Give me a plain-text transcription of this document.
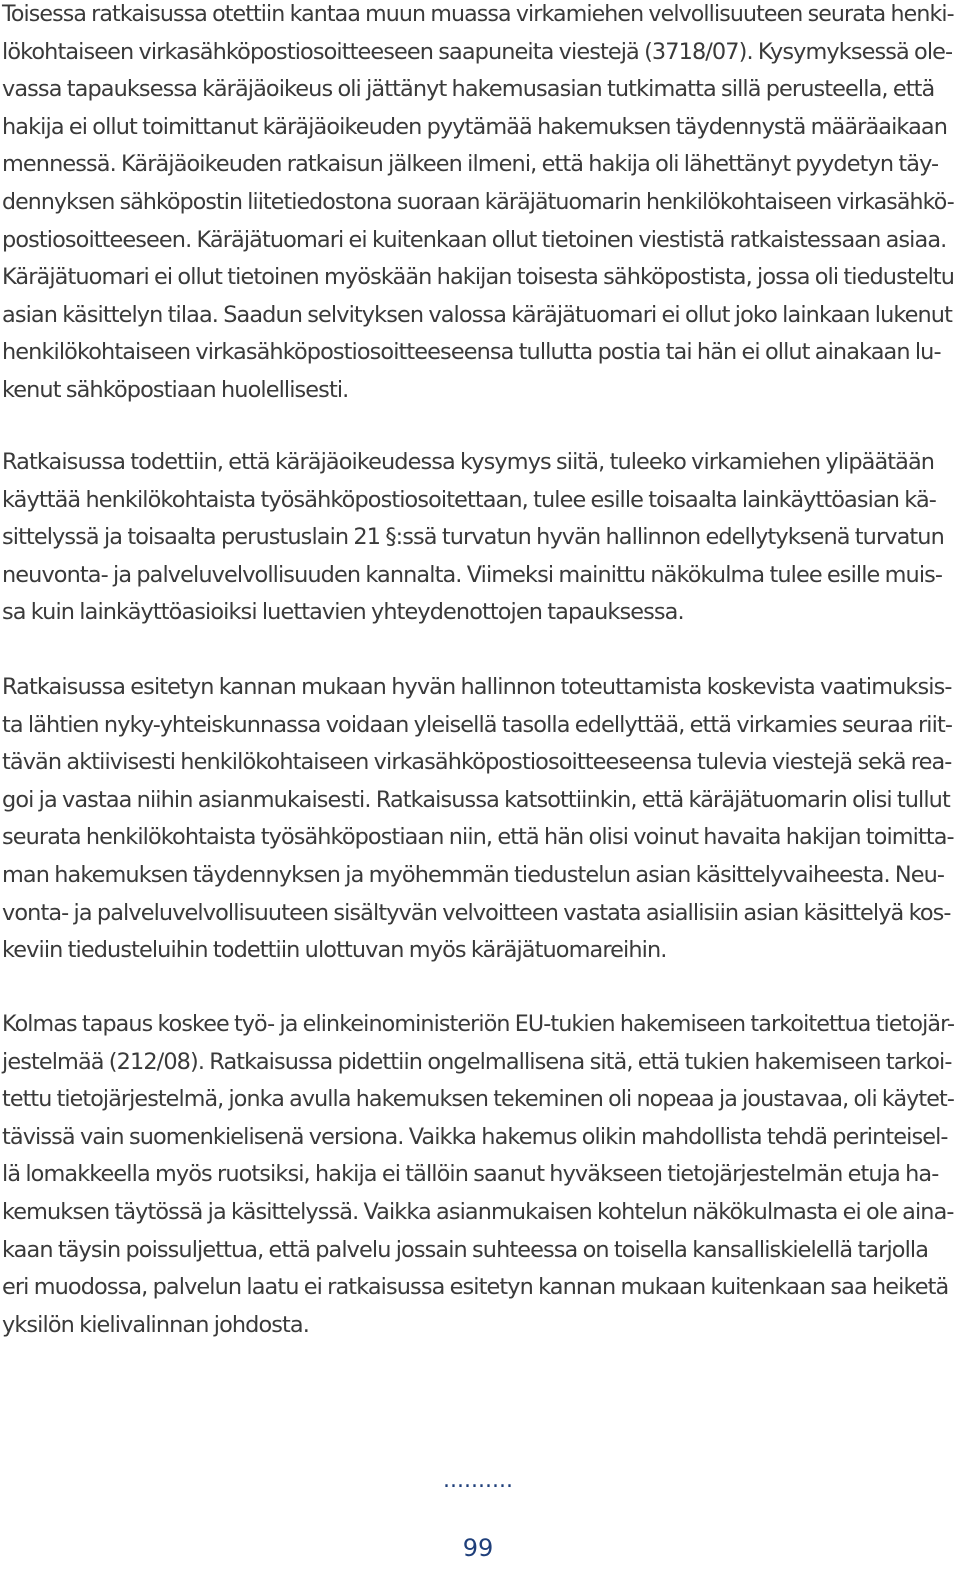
Toisessa ratkaisussa otettiin kantaa muun muassa virkamiehen velvollisuuteen seurata henki-
lökohtaiseen virkasähköpostiosoitteeseen saapuneita viestejä (3718/07). Kysymyksessä ole-
vassa tapauksessa käräjäoikeus oli jättänyt hakemusasian tutkimatta sillä perusteella, että
hakija ei ollut toimittanut käräjäoikeuden pyytämää hakemuksen täydennystä määräaikaan
mennessä. Käräjäoikeuden ratkaisun jälkeen ilmeni, että hakija oli lähettänyt pyydetyn täy-
dennyksen sähköpostin liitetiedostona suoraan käräjätuomarin henkilökohtaiseen virkasähkö-
postiosoitteeseen. Käräjätuomari ei kuitenkaan ollut tietoinen viestistä ratkaistessaan asiaa.
Käräjätuomari ei ollut tietoinen myöskään hakijan toisesta sähköpostista, jossa oli tiedusteltu
asian käsittelyn tilaa. Saadun selvityksen valossa käräjätuomari ei ollut joko lainkaan lukenut
henkilökohtaiseen virkasähköpostiosoitteeseensa tullutta postia tai hän ei ollut ainakaan lu-
kenut sähköpostiaan huolellisesti.
Ratkaisussa todettiin, että käräjäoikeudessa kysymys siitä, tuleeko virkamiehen ylipäätään
käyttää henkilökohtaista työsähköpostiosoitettaan, tulee esille toisaalta lainkäyttöasian kä-
sittelyssä ja toisaalta perustuslain 21 §:ssä turvatun hyvän hallinnon edellytyksenä turvatun
neuvonta- ja palveluvelvollisuuden kannalta. Viimeksi mainittu näkökulma tulee esille muis-
sa kuin lainkäyttöasioiksi luettavien yhteydenottojen tapauksessa.
Ratkaisussa esitetyn kannan mukaan hyvän hallinnon toteuttamista koskevista vaatimuksis-
ta lähtien nyky-yhteiskunnassa voidaan yleisellä tasolla edellyttää, että virkamies seuraa riit-
tävän aktiivisesti henkilökohtaiseen virkasähköpostiosoitteeseensa tulevia viestejä sekä rea-
goi ja vastaa niihin asianmukaisesti. Ratkaisussa katsottiinkin, että käräjätuomarin olisi tullut
seurata henkilökohtaista työsähköpostiaan niin, että hän olisi voinut havaita hakijan toimitta-
man hakemuksen täydennyksen ja myöhemmän tiedustelun asian käsittelyvaiheesta. Neu-
vonta- ja palveluvelvollisuuteen sisältyvän velvoitteen vastata asiallisiin asian käsittelyä kos-
keviin tiedusteluihin todettiin ulottuvan myös käräjätuomareihin.
Kolmas tapaus koskee työ- ja elinkeinoministeriön EU-tukien hakemiseen tarkoitettua tietojär-
jestelmää (212/08). Ratkaisussa pidettiin ongelmallisena sitä, että tukien hakemiseen tarkoi-
tettu tietojärjestelmä, jonka avulla hakemuksen tekeminen oli nopeaa ja joustavaa, oli käytet-
tävissä vain suomenkielisenä versiona. Vaikka hakemus olikin mahdollista tehdä perinteisel-
lä lomakkeella myös ruotsiksi, hakija ei tällöin saanut hyväkseen tietojärjestelmän etuja ha-
kemuksen täytössä ja käsittelyssä. Vaikka asianmukaisen kohtelun näkökulmasta ei ole aina-
kaan täysin poissuljettua, että palvelu jossain suhteessa on toisella kansalliskielellä tarjolla
eri muodossa, palvelun laatu ei ratkaisussa esitetyn kannan mukaan kuitenkaan saa heiketä
yksilön kielivalinnan johdosta.
..........
99
